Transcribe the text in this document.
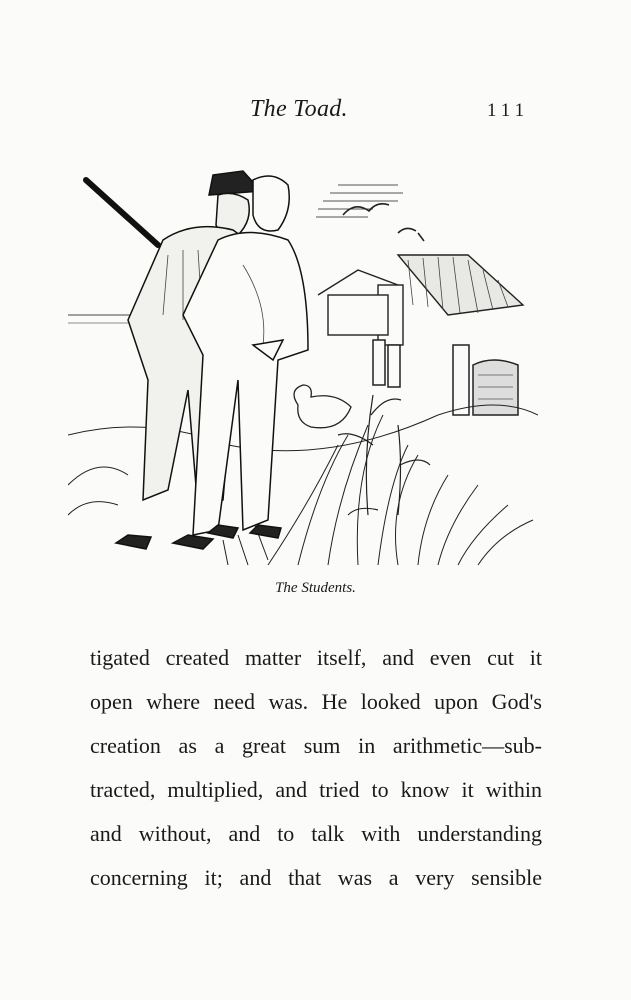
The Toad.	111
The Students.
tigated created matter itself, and even cut it
open where need was. He looked upon God's
creation as a great sum in arithmetic—sub-
tracted, multiplied, and tried to know it within
and without, and to talk with understanding
concerning it; and that was a very sensible
